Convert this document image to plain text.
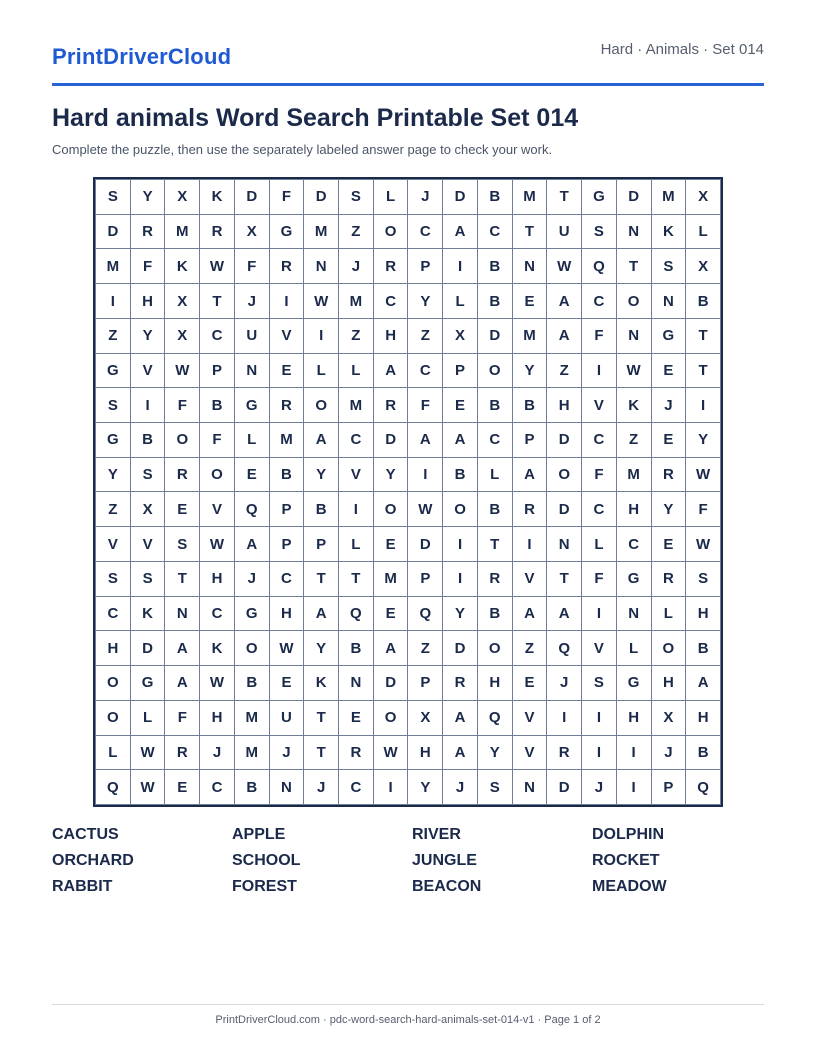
PrintDriverCloud	Hard · Animals · Set 014
Hard animals Word Search Printable Set 014
Complete the puzzle, then use the separately labeled answer page to check your work.
S	Y	X	K	D	F	D	S	L	J	D	B	M	T	G	D	M	X
D	R	M	R	X	G	M	Z	O	C	A	C	T	U	S	N	K	L
M	F	K	W	F	R	N	J	R	P	I	B	N	W	Q	T	S	X
I	H	X	T	J	I	W	M	C	Y	L	B	E	A	C	O	N	B
Z	Y	X	C	U	V	I	Z	H	Z	X	D	M	A	F	N	G	T
G	V	W	P	N	E	L	L	A	C	P	O	Y	Z	I	W	E	T
S	I	F	B	G	R	O	M	R	F	E	B	B	H	V	K	J	I
G	B	O	F	L	M	A	C	D	A	A	C	P	D	C	Z	E	Y
Y	S	R	O	E	B	Y	V	Y	I	B	L	A	O	F	M	R	W
Z	X	E	V	Q	P	B	I	O	W	O	B	R	D	C	H	Y	F
V	V	S	W	A	P	P	L	E	D	I	T	I	N	L	C	E	W
S	S	T	H	J	C	T	T	M	P	I	R	V	T	F	G	R	S
C	K	N	C	G	H	A	Q	E	Q	Y	B	A	A	I	N	L	H
H	D	A	K	O	W	Y	B	A	Z	D	O	Z	Q	V	L	O	B
O	G	A	W	B	E	K	N	D	P	R	H	E	J	S	G	H	A
O	L	F	H	M	U	T	E	O	X	A	Q	V	I	I	H	X	H
L	W	R	J	M	J	T	R	W	H	A	Y	V	R	I	I	J	B
Q	W	E	C	B	N	J	C	I	Y	J	S	N	D	J	I	P	Q
CACTUS	APPLE	RIVER	DOLPHIN
ORCHARD	SCHOOL	JUNGLE	ROCKET
RABBIT	FOREST	BEACON	MEADOW
PrintDriverCloud.com · pdc-word-search-hard-animals-set-014-v1 · Page 1 of 2
